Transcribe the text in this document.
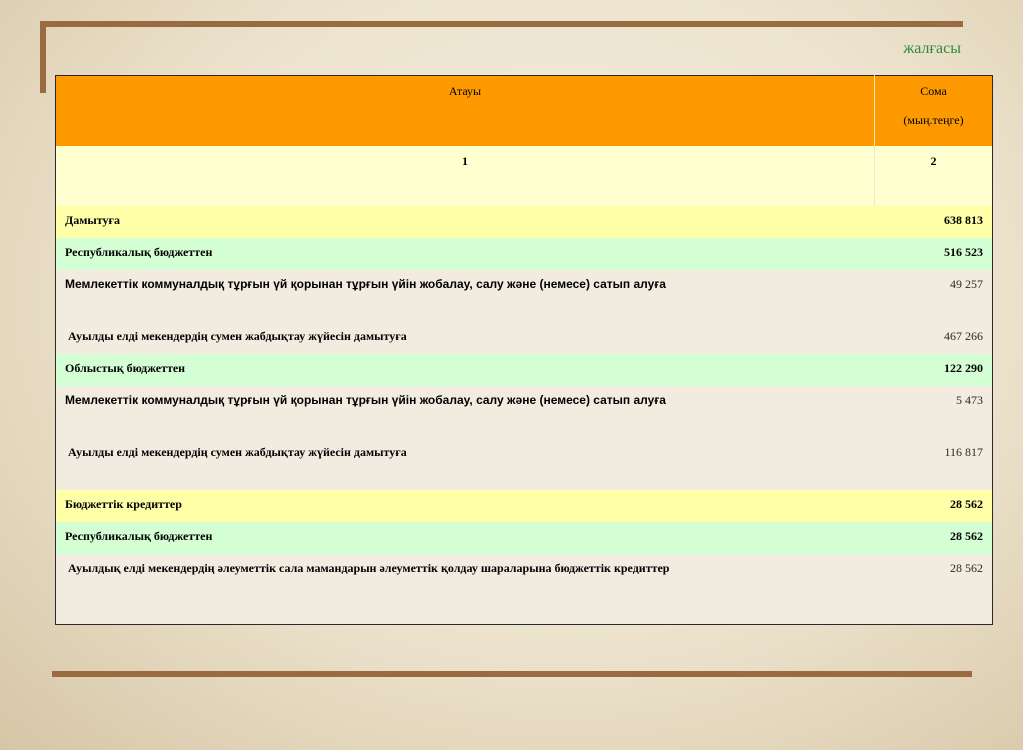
жалғасы
Атауы	Сома
(мың.теңге)

1	2
Дамытуға	638 813
Республикалық бюджеттен	516 523
Мемлекеттік коммуналдық тұрғын үй қорынан тұрғын үйін жобалау, салу және (немесе) сатып алуға	49 257
Ауылды елді мекендердің сумен жабдықтау жүйесін дамытуға	467 266
Облыстық бюджеттен	122 290
Мемлекеттік коммуналдық тұрғын үй қорынан тұрғын үйін жобалау, салу және (немесе) сатып алуға	5 473
Ауылды елді мекендердің сумен жабдықтау жүйесін дамытуға	116 817
Бюджеттік кредиттер	28 562
Республикалық бюджеттен	28 562
Ауылдық елді мекендердің әлеуметтік сала мамандарын әлеуметтік қолдау шараларына бюджеттік кредиттер	28 562
